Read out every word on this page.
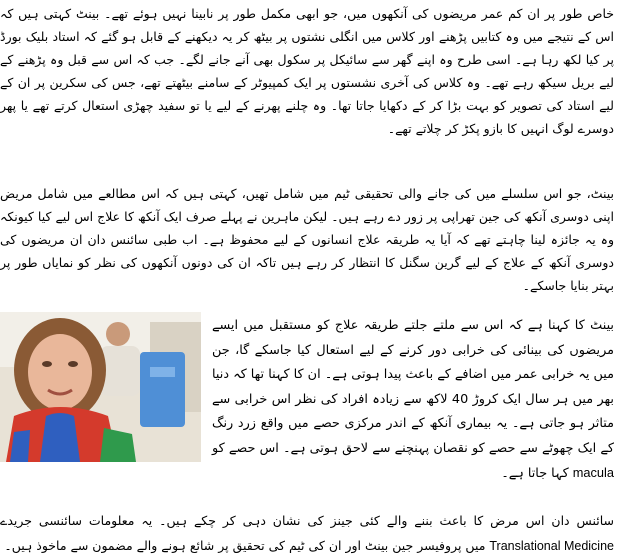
خاص طور پر ان کم عمر مریضوں کی آنکھوں میں، جو ابھی مکمل طور پر نابینا نہیں ہوئے تھے۔ بینٹ کہتی ہیں کہ اس کے نتیجے میں وہ کتابیں پڑھنے اور کلاس میں انگلی نشتوں پر بیٹھ کر یہ دیکھنے کے قابل ہو گئے کہ استاد بلیک بورڈ پر کیا لکھ رہا ہے۔ اسی طرح وہ اپنے گھر سے سائیکل پر سکول بھی آنے جانے لگے۔ جب کہ اس سے قبل وہ پڑھنے کے لیے بریل سیکھ رہے تھے۔ وہ کلاس کی آخری نشستوں پر ایک کمپیوٹر کے سامنے بیٹھتے تھے، جس کی سکرین پر ان کے لیے استاد کی تصویر کو بہت بڑا کر کے دکھایا جاتا تھا۔ وہ چلنے پھرنے کے لیے یا تو سفید چھڑی استعال کرتے تھے یا پھر دوسرے لوگ انہیں کا بازو پکڑ کر چلاتے تھے۔

بینٹ، جو اس سلسلے میں کی جانے والی تحقیقی ٹیم میں شامل تھیں، کہتی ہیں کہ اس مطالعے میں شامل مریض اپنی دوسری آنکھ کی جین تھراپی پر زور دے رہے ہیں۔ لیکن ماہرین نے پہلے صرف ایک آنکھ کا علاج اس لیے کیا کیونکہ وہ یہ جائزہ لینا چاہتے تھے کہ آیا یہ طریقہ علاج انسانوں کے لیے محفوظ ہے۔ اب طبی سائنس دان ان مریضوں کی دوسری آنکھ کے علاج کے لیے گرین سگنل کا انتظار کر رہے ہیں تاکہ ان کی دونوں آنکھوں کی نظر کو نمایاں طور پر بہتر بنایا جاسکے۔

بینٹ کا کہنا ہے کہ اس سے ملتے جلتے طریقہ علاج کو مستقبل میں ایسے مریضوں کی بینائی کی خرابی دور کرنے کے لیے استعال کیا جاسکے گا، جن میں یہ خرابی عمر میں اضافے کے باعث پیدا ہوتی ہے۔ ان کا کہنا تھا کہ دنیا بھر میں ہر سال ایک کروڑ 40 لاکھ سے زیادہ افراد کی نظر اس خرابی سے متاثر ہو جاتی ہے۔ یہ بیماری آنکھ کے اندر مرکزی حصے میں واقع زرد رنگ کے ایک چھوٹے سے حصے کو نقصان پہنچنے سے لاحق ہوتی ہے۔ اس حصے کو macula کہا جاتا ہے۔

سائنس دان اس مرض کا باعث بننے والے کئی جینز کی نشان دہی کر چکے ہیں۔ یہ معلومات سائنسی جریدے Translational Medicine میں پروفیسر جین بینٹ اور ان کی ٹیم کی تحقیق پر شائع ہونے والے مضمون سے ماخوذ ہیں۔
